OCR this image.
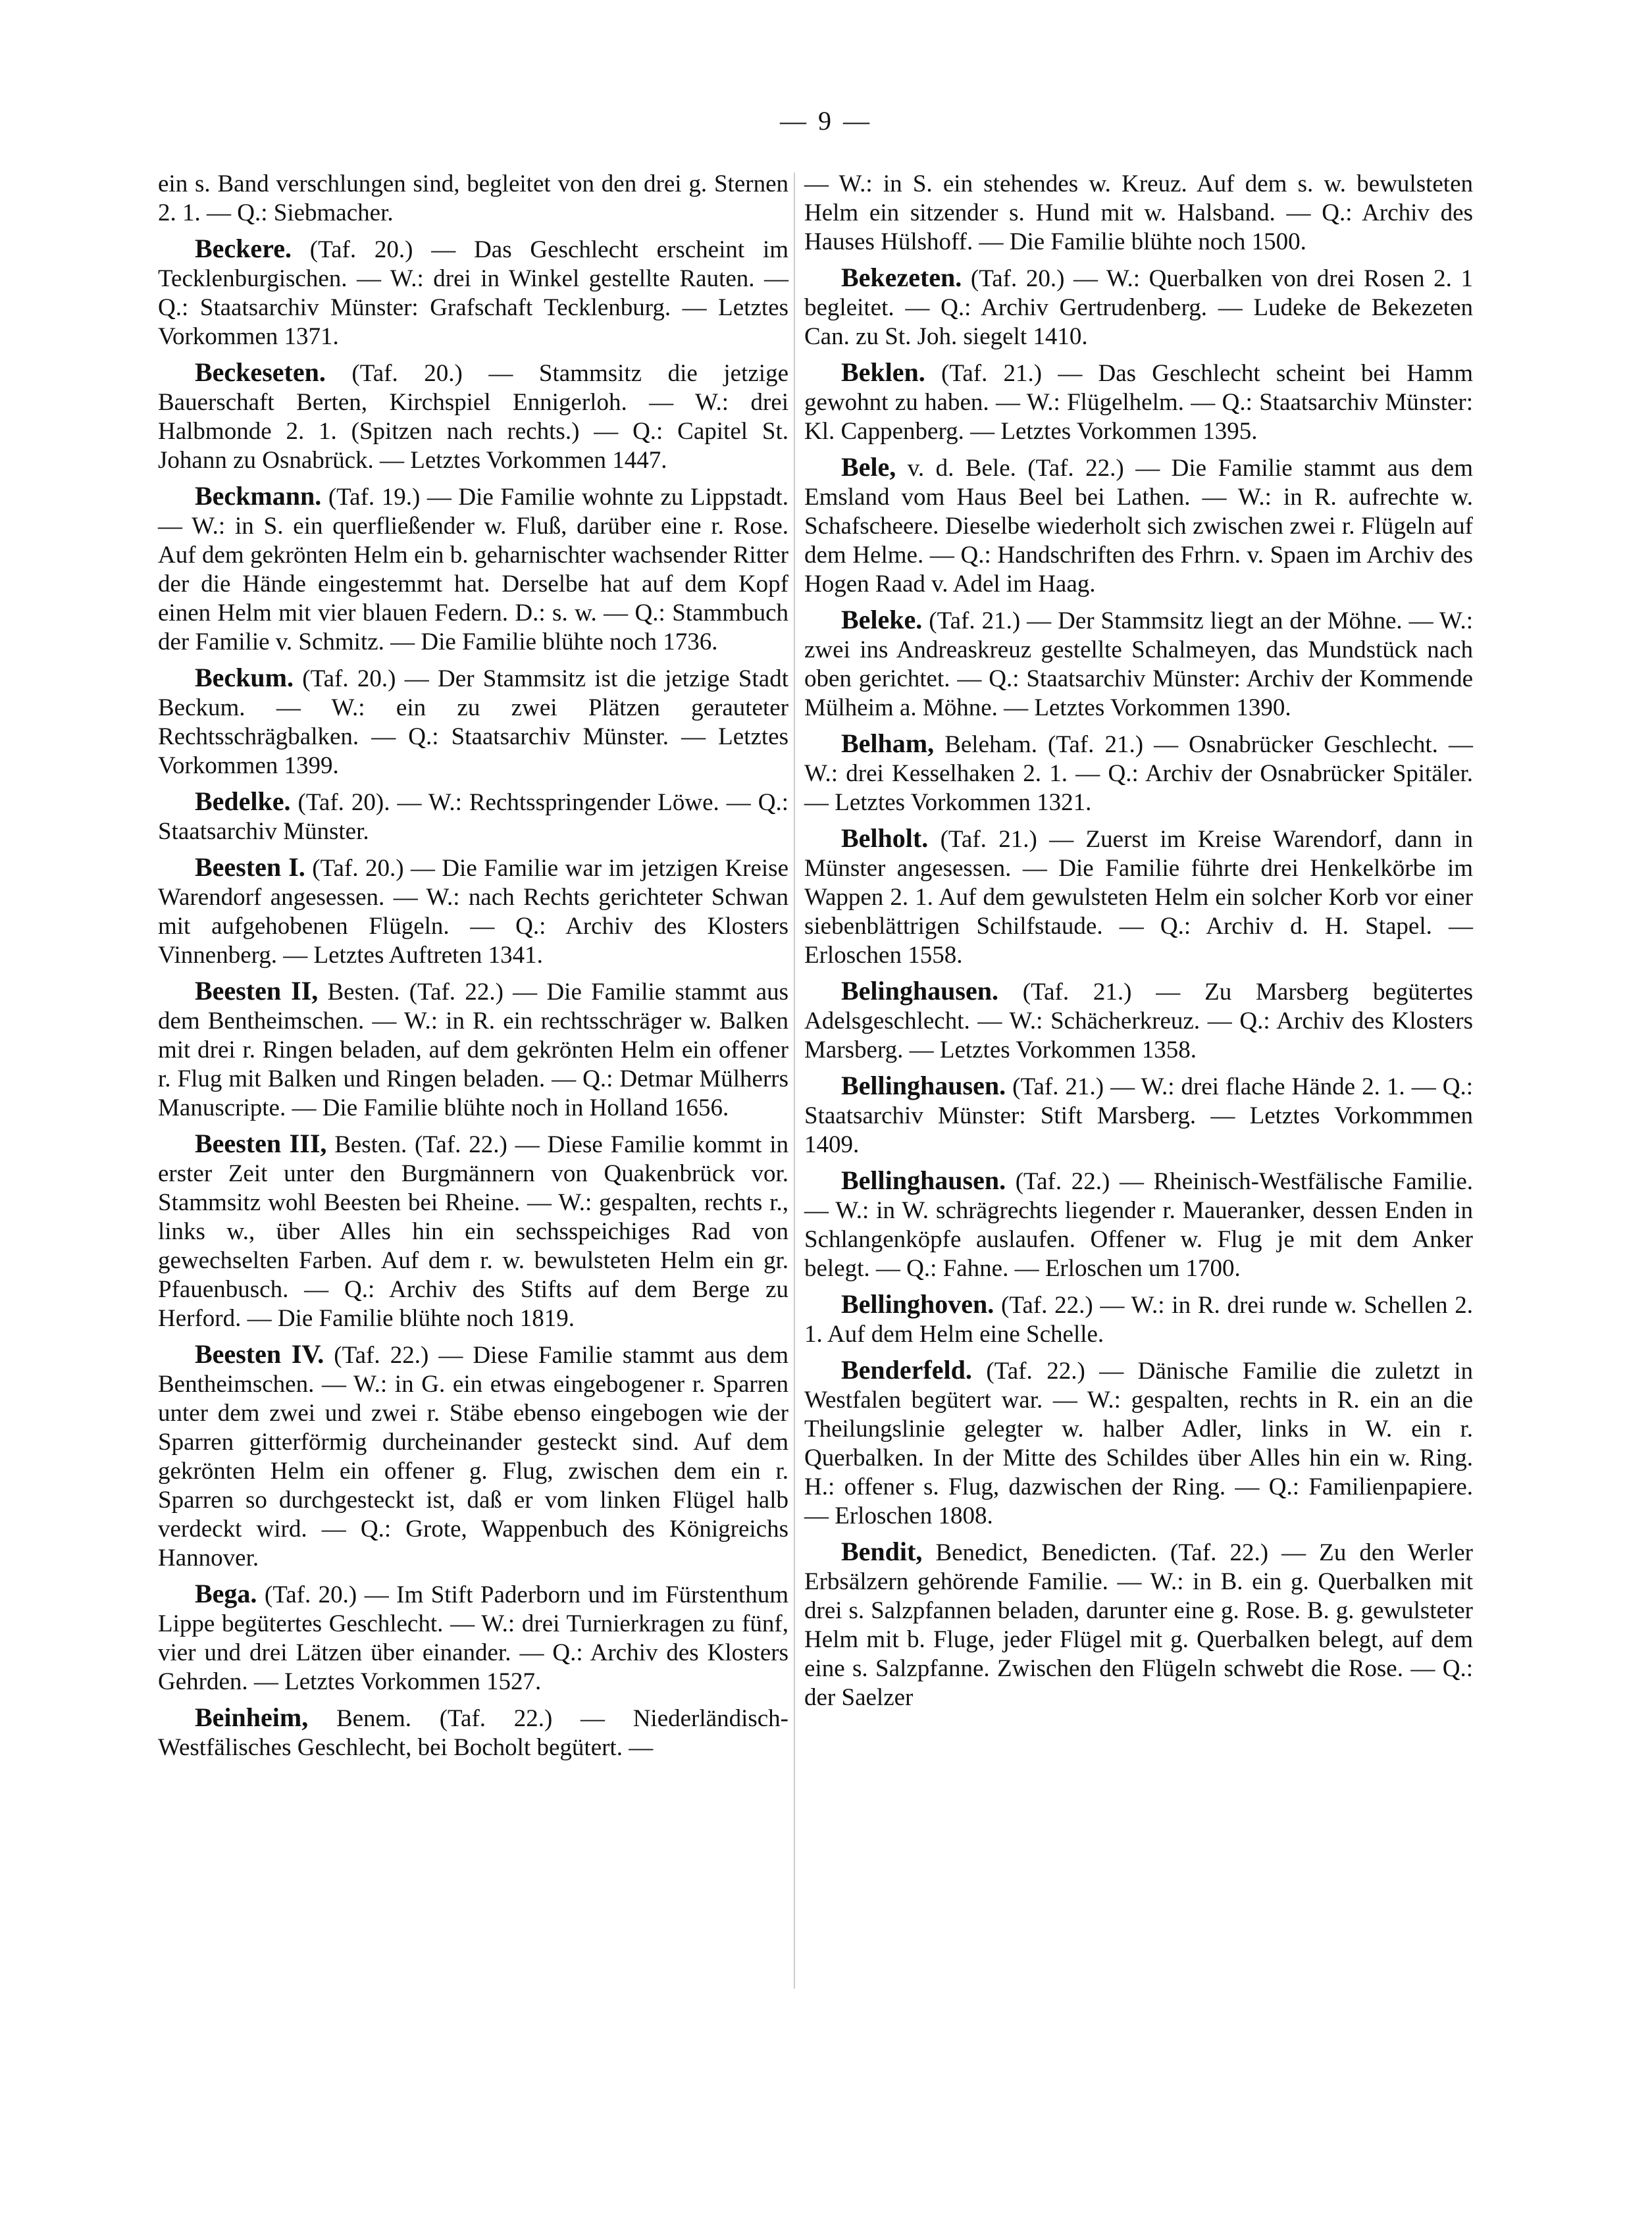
— 9 —

ein s. Band verschlungen sind, begleitet von den drei g. Sternen 2. 1. — Q.: Siebmacher.

Beckere. (Taf. 20.) — Das Geschlecht erscheint im Tecklenburgischen. — W.: drei in Winkel gestellte Rauten. — Q.: Staatsarchiv Münster: Grafschaft Tecklenburg. — Letztes Vorkommen 1371.

Beckeseten. (Taf. 20.) — Stammsitz die jetzige Bauerschaft Berten, Kirchspiel Ennigerloh. — W.: drei Halbmonde 2. 1. (Spitzen nach rechts.) — Q.: Capitel St. Johann zu Osnabrück. — Letztes Vorkommen 1447.

Beckmann. (Taf. 19.) — Die Familie wohnte zu Lippstadt. — W.: in S. ein querfließender w. Fluß, darüber eine r. Rose. Auf dem gekrönten Helm ein b. geharnischter wachsender Ritter der die Hände eingestemmt hat. Derselbe hat auf dem Kopf einen Helm mit vier blauen Federn. D.: s. w. — Q.: Stammbuch der Familie v. Schmitz. — Die Familie blühte noch 1736.

Beckum. (Taf. 20.) — Der Stammsitz ist die jetzige Stadt Beckum. — W.: ein zu zwei Plätzen gerauteter Rechtsschrägbalken. — Q.: Staatsarchiv Münster. — Letztes Vorkommen 1399.

Bedelke. (Taf. 20). — W.: Rechtsspringender Löwe. — Q.: Staatsarchiv Münster.

Beesten I. (Taf. 20.) — Die Familie war im jetzigen Kreise Warendorf angesessen. — W.: nach Rechts gerichteter Schwan mit aufgehobenen Flügeln. — Q.: Archiv des Klosters Vinnenberg. — Letztes Auftreten 1341.

Beesten II, Besten. (Taf. 22.) — Die Familie stammt aus dem Bentheimschen. — W.: in R. ein rechtsschräger w. Balken mit drei r. Ringen beladen, auf dem gekrönten Helm ein offener r. Flug mit Balken und Ringen beladen. — Q.: Detmar Mülherrs Manuscripte. — Die Familie blühte noch in Holland 1656.

Beesten III, Besten. (Taf. 22.) — Diese Familie kommt in erster Zeit unter den Burgmännern von Quakenbrück vor. Stammsitz wohl Beesten bei Rheine. — W.: gespalten, rechts r., links w., über Alles hin ein sechsspeichiges Rad von gewechselten Farben. Auf dem r. w. bewulsteten Helm ein gr. Pfauenbusch. — Q.: Archiv des Stifts auf dem Berge zu Herford. — Die Familie blühte noch 1819.

Beesten IV. (Taf. 22.) — Diese Familie stammt aus dem Bentheimschen. — W.: in G. ein etwas eingebogener r. Sparren unter dem zwei und zwei r. Stäbe ebenso eingebogen wie der Sparren gitterförmig durcheinander gesteckt sind. Auf dem gekrönten Helm ein offener g. Flug, zwischen dem ein r. Sparren so durchgesteckt ist, daß er vom linken Flügel halb verdeckt wird. — Q.: Grote, Wappenbuch des Königreichs Hannover.

Bega. (Taf. 20.) — Im Stift Paderborn und im Fürstenthum Lippe begütertes Geschlecht. — W.: drei Turnierkragen zu fünf, vier und drei Lätzen über einander. — Q.: Archiv des Klosters Gehrden. — Letztes Vorkommen 1527.

Beinheim, Benem. (Taf. 22.) — Niederländisch-Westfälisches Geschlecht, bei Bocholt begütert. —

— W.: in S. ein stehendes w. Kreuz. Auf dem s. w. bewulsteten Helm ein sitzender s. Hund mit w. Halsband. — Q.: Archiv des Hauses Hülshoff. — Die Familie blühte noch 1500.

Bekezeten. (Taf. 20.) — W.: Querbalken von drei Rosen 2. 1 begleitet. — Q.: Archiv Gertrudenberg. — Ludeke de Bekezeten Can. zu St. Joh. siegelt 1410.

Beklen. (Taf. 21.) — Das Geschlecht scheint bei Hamm gewohnt zu haben. — W.: Flügelhelm. — Q.: Staatsarchiv Münster: Kl. Cappenberg. — Letztes Vorkommen 1395.

Bele, v. d. Bele. (Taf. 22.) — Die Familie stammt aus dem Emsland vom Haus Beel bei Lathen. — W.: in R. aufrechte w. Schafscheere. Dieselbe wiederholt sich zwischen zwei r. Flügeln auf dem Helme. — Q.: Handschriften des Frhrn. v. Spaen im Archiv des Hogen Raad v. Adel im Haag.

Beleke. (Taf. 21.) — Der Stammsitz liegt an der Möhne. — W.: zwei ins Andreaskreuz gestellte Schalmeyen, das Mundstück nach oben gerichtet. — Q.: Staatsarchiv Münster: Archiv der Kommende Mülheim a. Möhne. — Letztes Vorkommen 1390.

Belham, Beleham. (Taf. 21.) — Osnabrücker Geschlecht. — W.: drei Kesselhaken 2. 1. — Q.: Archiv der Osnabrücker Spitäler. — Letztes Vorkommen 1321.

Belholt. (Taf. 21.) — Zuerst im Kreise Warendorf, dann in Münster angesessen. — Die Familie führte drei Henkelkörbe im Wappen 2. 1. Auf dem gewulsteten Helm ein solcher Korb vor einer siebenblättrigen Schilfstaude. — Q.: Archiv d. H. Stapel. — Erloschen 1558.

Belinghausen. (Taf. 21.) — Zu Marsberg begütertes Adelsgeschlecht. — W.: Schächerkreuz. — Q.: Archiv des Klosters Marsberg. — Letztes Vorkommen 1358.

Bellinghausen. (Taf. 21.) — W.: drei flache Hände 2. 1. — Q.: Staatsarchiv Münster: Stift Marsberg. — Letztes Vorkommmen 1409.

Bellinghausen. (Taf. 22.) — Rheinisch-Westfälische Familie. — W.: in W. schrägrechts liegender r. Maueranker, dessen Enden in Schlangenköpfe auslaufen. Offener w. Flug je mit dem Anker belegt. — Q.: Fahne. — Erloschen um 1700.

Bellinghoven. (Taf. 22.) — W.: in R. drei runde w. Schellen 2. 1. Auf dem Helm eine Schelle.

Benderfeld. (Taf. 22.) — Dänische Familie die zuletzt in Westfalen begütert war. — W.: gespalten, rechts in R. ein an die Theilungslinie gelegter w. halber Adler, links in W. ein r. Querbalken. In der Mitte des Schildes über Alles hin ein w. Ring. H.: offener s. Flug, dazwischen der Ring. — Q.: Familienpapiere. — Erloschen 1808.

Bendit, Benedict, Benedicten. (Taf. 22.) — Zu den Werler Erbsälzern gehörende Familie. — W.: in B. ein g. Querbalken mit drei s. Salzpfannen beladen, darunter eine g. Rose. B. g. gewulsteter Helm mit b. Fluge, jeder Flügel mit g. Querbalken belegt, auf dem eine s. Salzpfanne. Zwischen den Flügeln schwebt die Rose. — Q.: der Saelzer
